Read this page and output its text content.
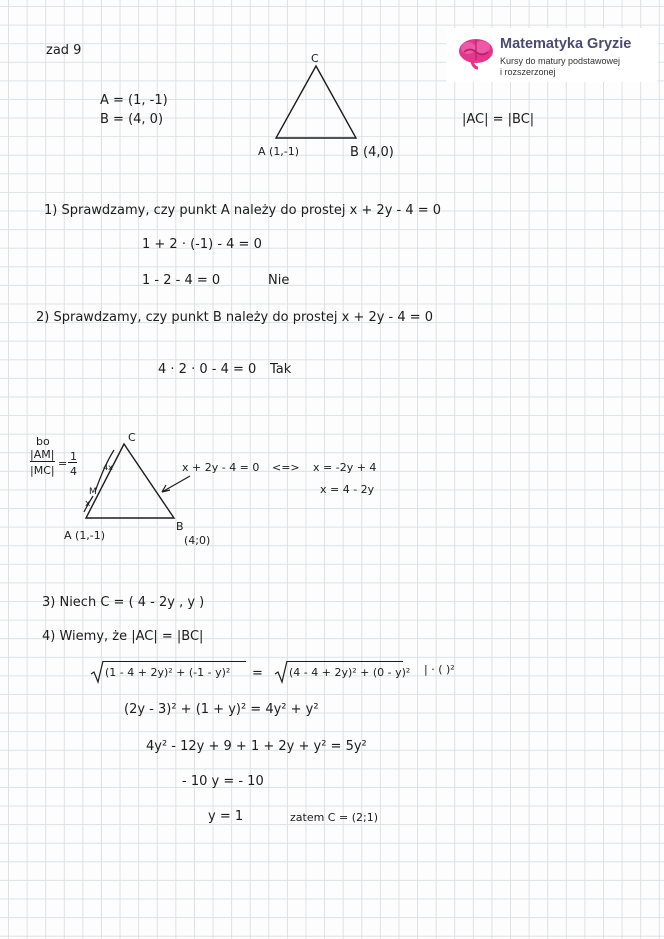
Matematyka Gryzie
Kursy do matury podstawowej
i rozszerzonej
zad 9
A = (1, -1)
B = (4, 0)
C
A (1,-1)	B (4,0)
|AC| = |BC|
1) Sprawdzamy, czy punkt A należy do prostej x + 2y - 4 = 0
1 + 2 · (-1) - 4 = 0
1 - 2 - 4 = 0	Nie
2) Sprawdzamy, czy punkt B należy do prostej x + 2y - 4 = 0
4 · 2 · 0 - 4 = 0 Tak
bo
|AM|
|MC|
=
1
4
C
4x
M
x
A (1,-1)
B
(4;0)
x + 2y - 4 = 0 <=> x = -2y + 4
x = 4 - 2y
3) Niech C = ( 4 - 2y , y )
4) Wiemy, że |AC| = |BC|
(1 - 4 + 2y)² + (-1 - y)² = (4 - 4 + 2y)² + (0 - y)² | · ( )²
(2y - 3)² + (1 + y)² = 4y² + y²
4y² - 12y + 9 + 1 + 2y + y² = 5y²
- 10 y = - 10
y = 1	zatem C = (2;1)
